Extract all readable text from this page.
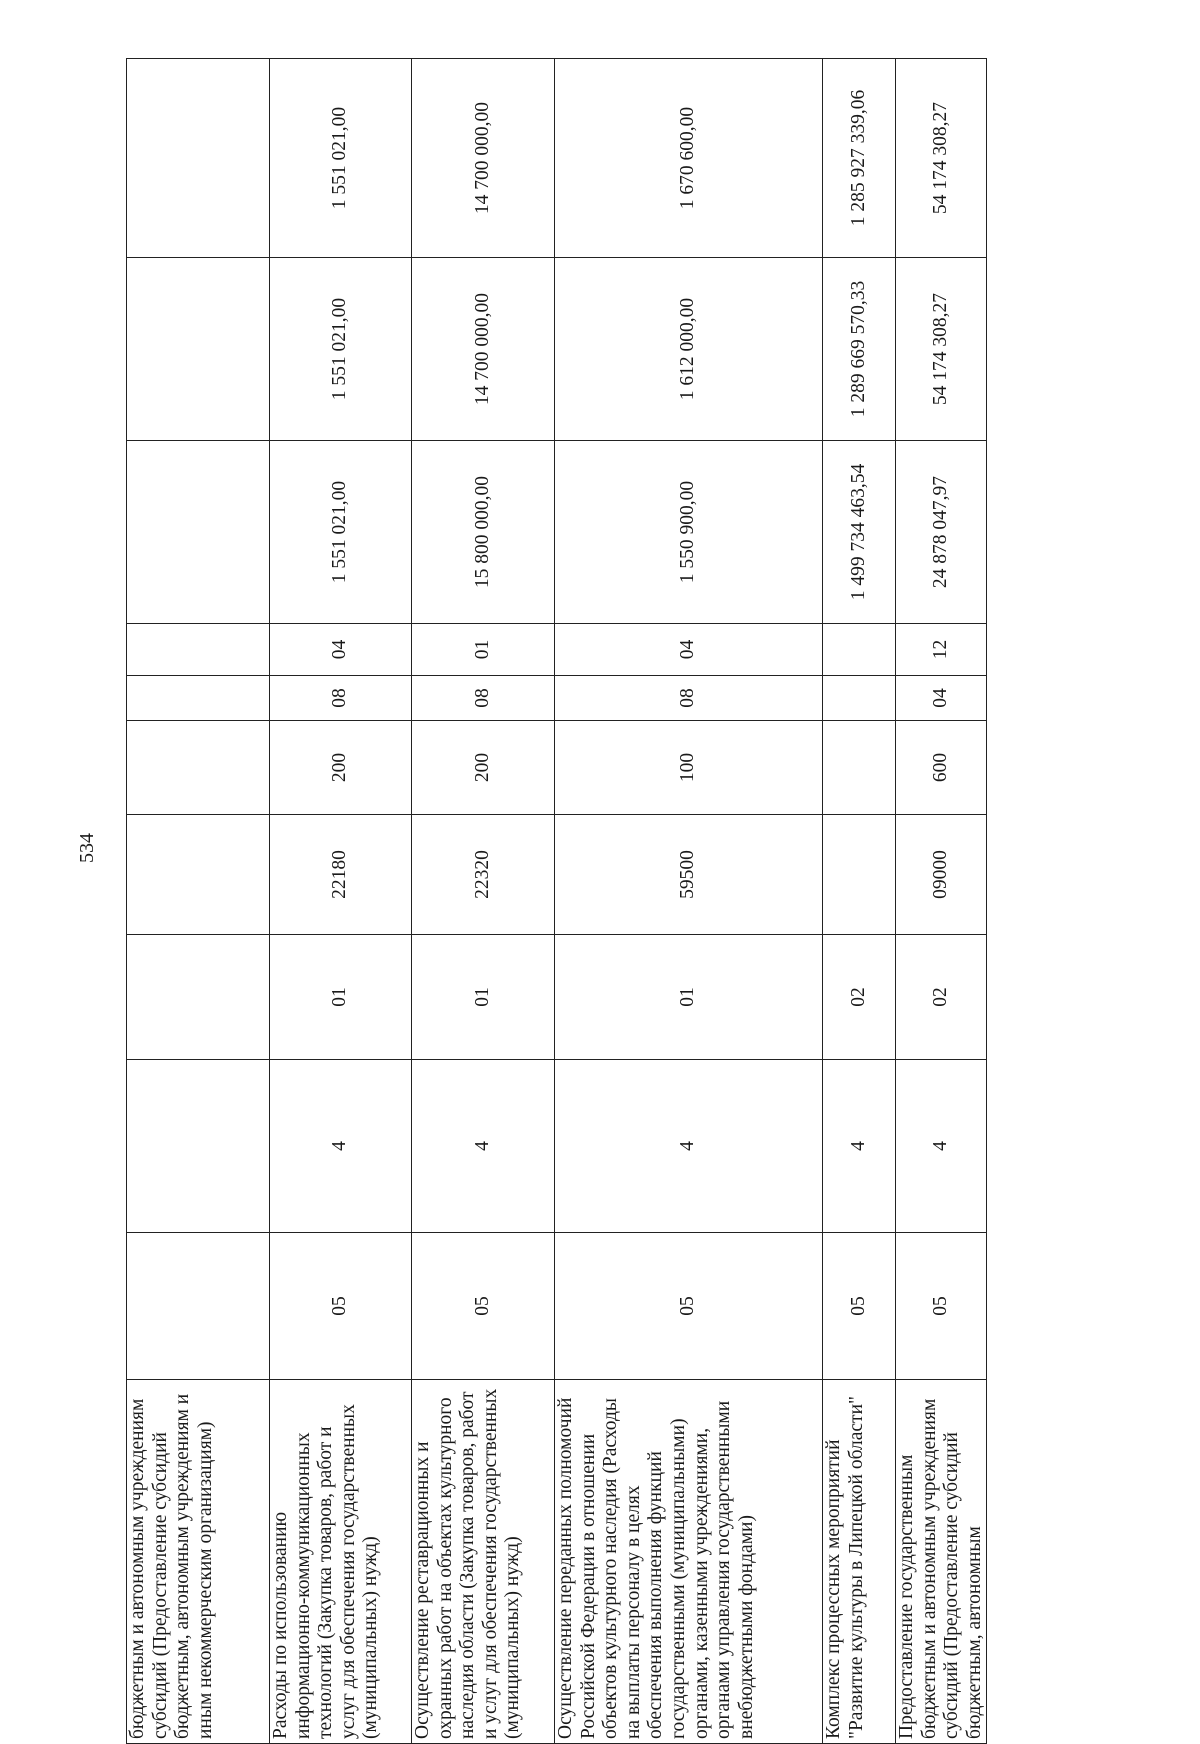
534
бюджетным и автономным учреждениям субсидий (Предоставление субсидий бюджетным, автономным учреждениям и иным некоммерческим организациям)										
Расходы по использованию информационно-коммуникационных технологий (Закупка товаров, работ и услуг для обеспечения государственных (муниципальных) нужд)	05	4	01	22180	200	08	04	1 551 021,00	1 551 021,00	1 551 021,00
Осуществление реставрационных и охранных работ на объектах культурного наследия области (Закупка товаров, работ и услуг для обеспечения государственных (муниципальных) нужд)	05	4	01	22320	200	08	01	15 800 000,00	14 700 000,00	14 700 000,00
Осуществление переданных полномочий Российской Федерации в отношении объектов культурного наследия (Расходы на выплаты персоналу в целях обеспечения выполнения функций государственными (муниципальными) органами, казенными учреждениями, органами управления государственными внебюджетными фондами)	05	4	01	59500	100	08	04	1 550 900,00	1 612 000,00	1 670 600,00
Комплекс процессных мероприятий "Развитие культуры в Липецкой области"	05	4	02					1 499 734 463,54	1 289 669 570,33	1 285 927 339,06
Предоставление государственным бюджетным и автономным учреждениям субсидий (Предоставление субсидий бюджетным, автономным	05	4	02	09000	600	04	12	24 878 047,97	54 174 308,27	54 174 308,27
